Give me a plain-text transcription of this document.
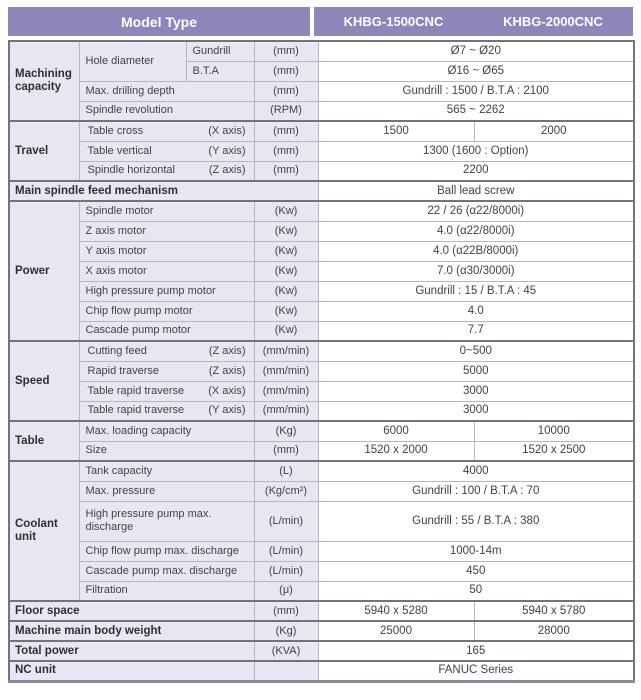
Model Type	KHBG-1500CNC	KHBG-2000CNC
Machining capacity	Hole diameter	Gundrill	(mm)	Ø7 ~ Ø20	
		B.T.A	(mm)	Ø16 ~ Ø65	
	Max. drilling depth		(mm)	Gundrill : 1500 / B.T.A : 2100	
	Spindle revolution		(RPM)	565 ~ 2262	
Travel	Table cross (X axis)		(mm)	1500	2000

	Table vertical (Y axis)		(mm)	1300 (1600 : Option)	

	Spindle horizontal (Z axis)		(mm)	2200	
Main spindle feed mechanism				Ball lead screw	
Power	Spindle motor		(Kw)	22 / 26 (α22/8000i)	
	Z axis motor		(Kw)	4.0 (α22/8000i)	
	Y axis motor		(Kw)	4.0 (α22B/8000i)	
	X axis motor		(Kw)	7.0 (α30/3000i)	
	High pressure pump motor		(Kw)	Gundrill : 15 / B.T.A : 45	
	Chip flow pump motor		(Kw)	4.0	
	Cascade pump motor		(Kw)	7.7	
Speed	Cutting feed (Z axis)		(mm/min)	0~500	

	Rapid traverse (Z axis)		(mm/min)	5000	

	Table rapid traverse (X axis)		(mm/min)	3000	

	Table rapid traverse (Y axis)		(mm/min)	3000	
Table	Max. loading capacity		(Kg)	6000	10000
	Size		(mm)	1520 x 2000	1520 x 2500
Coolant unit	Tank capacity		(L)	4000	
	Max. pressure		(Kg/cm²)	Gundrill : 100 / B.T.A : 70	
	High pressure pump max. discharge		(L/min)	Gundrill : 55 / B.T.A : 380	
	Chip flow pump max. discharge		(L/min)	1000-14m	
	Cascade pump max. discharge		(L/min)	450	
	Filtration		(μ)	50	
Floor space			(mm)	5940 x 5280	5940 x 5780
Machine main body weight			(Kg)	25000	28000
Total power			(KVA)	165	
NC unit				FANUC Series	
